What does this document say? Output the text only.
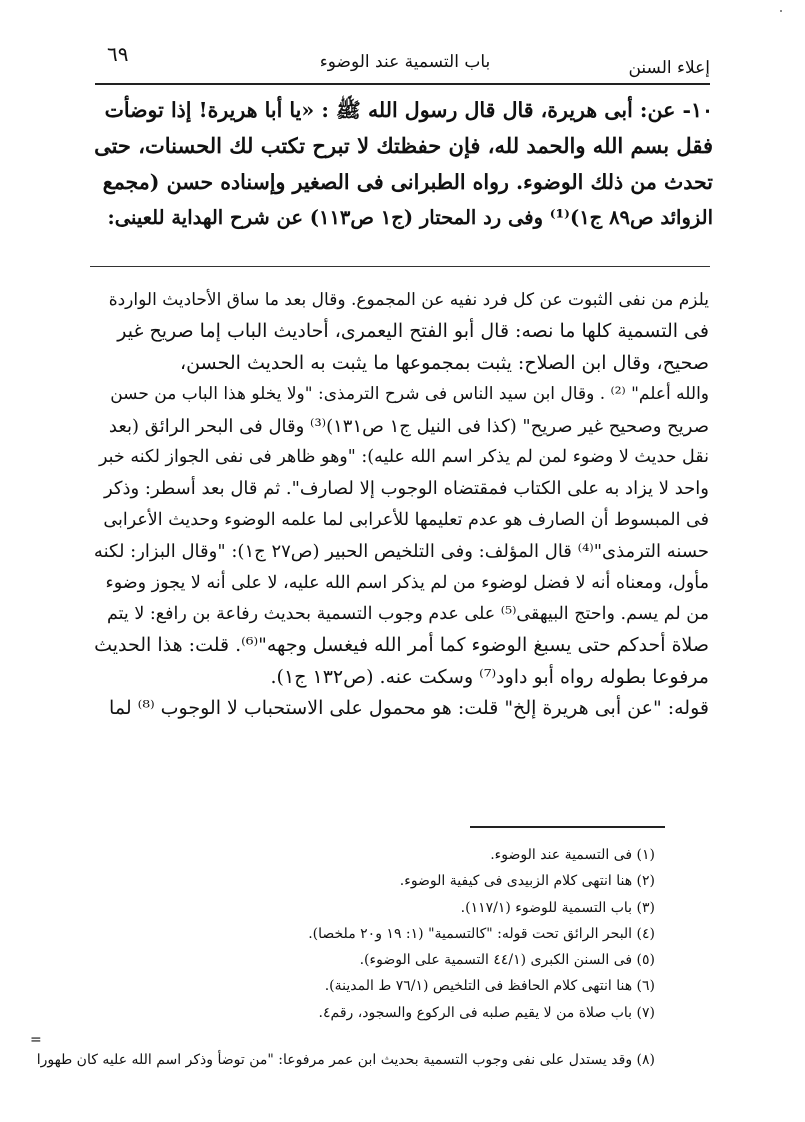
٦٩	باب التسمية عند الوضوء	إعلاء السنن
١٠- عن: أبى هريرة، قال قال رسول الله ﷺ : «يا أبا هريرة! إذا توضأت
فقل بسم الله والحمد لله، فإن حفظتك لا تبرح تكتب لك الحسنات، حتى
تحدث من ذلك الوضوء. رواه الطبرانى فى الصغير وإسناده حسن (مجمع
الزوائد ص٨٩ ج١)⁽¹⁾ وفى رد المحتار (ج١ ص١١٣) عن شرح الهداية للعينى:
يلزم من نفى الثبوت عن كل فرد نفيه عن المجموع. وقال بعد ما ساق الأحاديث الواردة
فى التسمية كلها ما نصه: قال أبو الفتح اليعمرى، أحاديث الباب إما صريح غير
صحيح، وقال ابن الصلاح: يثبت بمجموعها ما يثبت به الحديث الحسن،
والله أعلم" ⁽²⁾ . وقال ابن سيد الناس فى شرح الترمذى: "ولا يخلو هذا الباب من حسن
صريح وصحيح غير صريح" (كذا فى النيل ج١ ص١٣١)⁽³⁾ وقال فى البحر الرائق (بعد
نقل حديث لا وضوء لمن لم يذكر اسم الله عليه): "وهو ظاهر فى نفى الجواز لكنه خبر
واحد لا يزاد به على الكتاب فمقتضاه الوجوب إلا لصارف". ثم قال بعد أسطر: وذكر
فى المبسوط أن الصارف هو عدم تعليمها للأعرابى لما علمه الوضوء وحديث الأعرابى
حسنه الترمذى"⁽⁴⁾ قال المؤلف: وفى التلخيص الحبير (ص٢٧ ج١): "وقال البزار: لكنه
مأول، ومعناه أنه لا فضل لوضوء من لم يذكر اسم الله عليه، لا على أنه لا يجوز وضوء
من لم يسم. واحتج البيهقى⁽⁵⁾ على عدم وجوب التسمية بحديث رفاعة بن رافع: لا يتم
صلاة أحدكم حتى يسبغ الوضوء كما أمر الله فيغسل وجهه"⁽⁶⁾. قلت: هذا الحديث
مرفوعا بطوله رواه أبو داود⁽⁷⁾ وسكت عنه. (ص١٣٢ ج١).
قوله: "عن أبى هريرة إلخ" قلت: هو محمول على الاستحباب لا الوجوب ⁽⁸⁾ لما
(١) فى التسمية عند الوضوء.
(٢) هنا انتهى كلام الزبيدى فى كيفية الوضوء.
(٣) باب التسمية للوضوء (١١٧/١).
(٤) البحر الرائق تحت قوله: "كالتسمية" (١: ١٩ و٢٠ ملخصا).
(٥) فى السنن الكبرى (٤٤/١ التسمية على الوضوء).
(٦) هنا انتهى كلام الحافظ فى التلخيص (٧٦/١ ط المدينة).
(٧) باب صلاة من لا يقيم صلبه فى الركوع والسجود، رقم٤.
(٨) وقد يستدل على نفى وجوب التسمية بحديث ابن عمر مرفوعا: "من توضأ وذكر اسم الله عليه كان طهورا
=
